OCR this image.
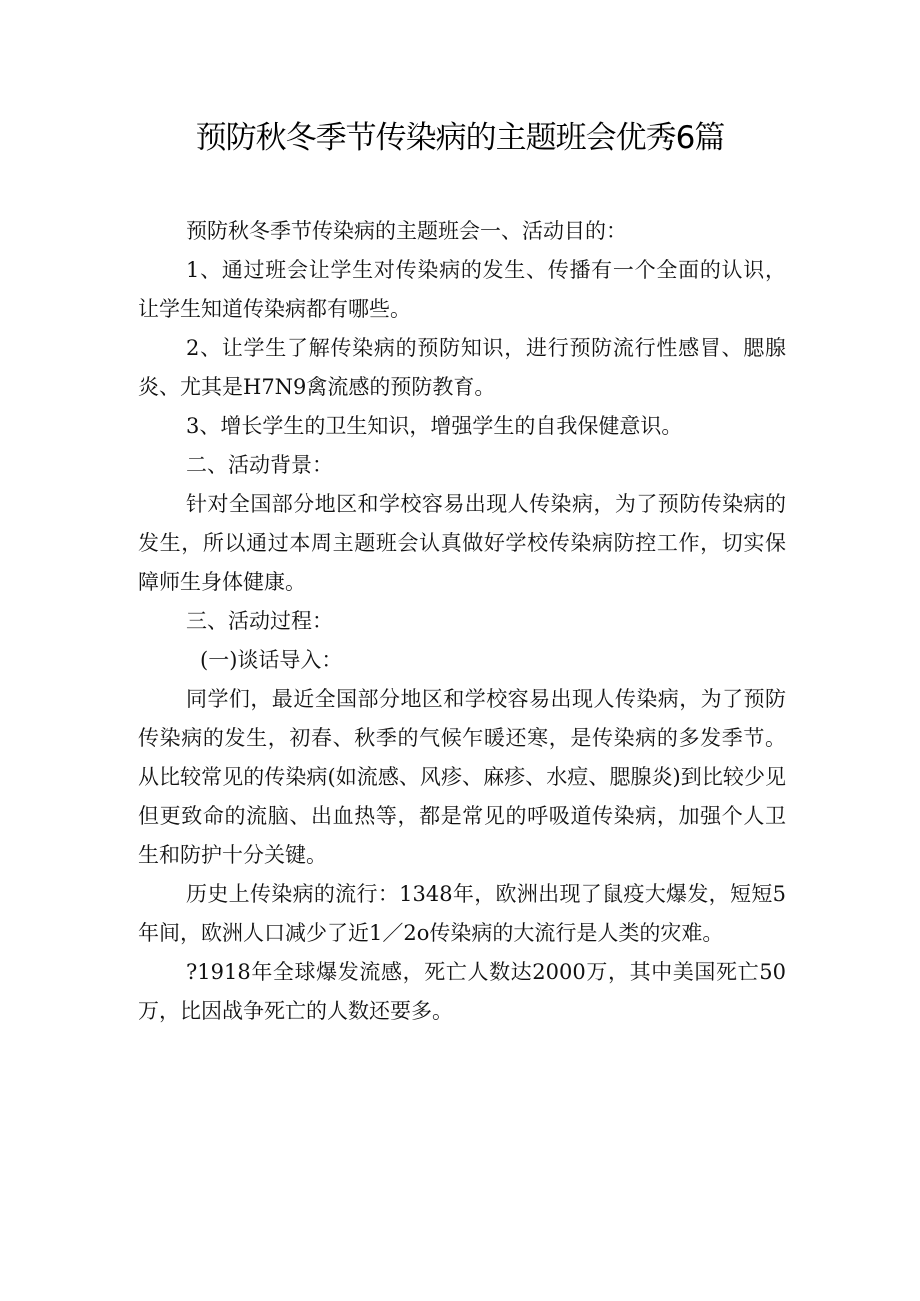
预防秋冬季节传染病的主题班会优秀6篇

预防秋冬季节传染病的主题班会一、活动目的：

1、通过班会让学生对传染病的发生、传播有一个全面的认识，让学生知道传染病都有哪些。

2、让学生了解传染病的预防知识，进行预防流行性感冒、腮腺炎、尤其是H7N9禽流感的预防教育。

3、增长学生的卫生知识，增强学生的自我保健意识。

二、活动背景：

针对全国部分地区和学校容易出现人传染病，为了预防传染病的发生，所以通过本周主题班会认真做好学校传染病防控工作，切实保障师生身体健康。

三、活动过程：

(一)谈话导入：

同学们，最近全国部分地区和学校容易出现人传染病，为了预防传染病的发生，初春、秋季的气候乍暖还寒，是传染病的多发季节。从比较常见的传染病(如流感、风疹、麻疹、水痘、腮腺炎)到比较少见但更致命的流脑、出血热等，都是常见的呼吸道传染病，加强个人卫生和防护十分关键。

历史上传染病的流行：1348年，欧洲出现了鼠疫大爆发，短短5年间，欧洲人口减少了近1／2o传染病的大流行是人类的灾难。

?1918年全球爆发流感，死亡人数达2000万，其中美国死亡50万，比因战争死亡的人数还要多。
